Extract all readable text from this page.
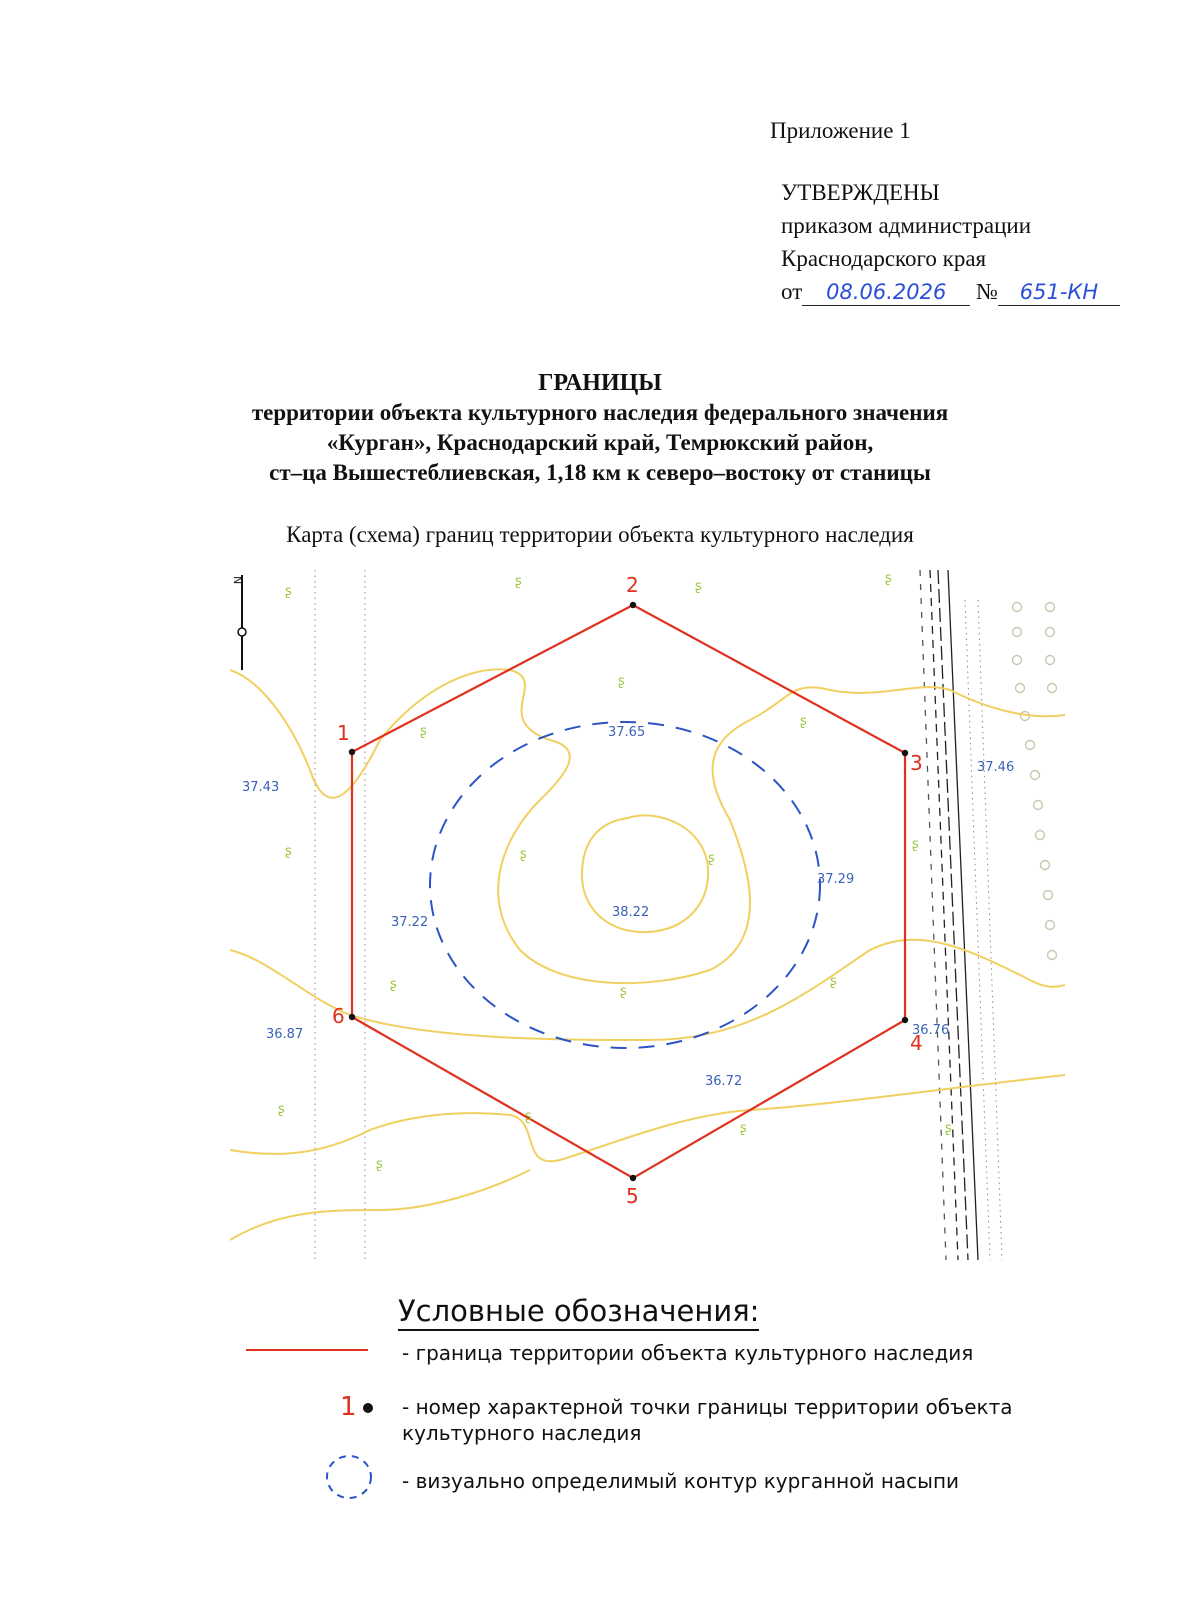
Приложение 1
УТВЕРЖДЕНЫ
приказом администрации
Краснодарского края
от 08.06.2026 № 651-КН
ГРАНИЦЫ
территории объекта культурного наследия федерального значения
«Курган», Краснодарский край, Темрюкский район,
ст–ца Вышестеблиевская, 1,18 км к северо–востоку от станицы
Карта (схема) границ территории объекта культурного наследия
1
2
3
4
5
6
37.65
37.46
37.43
37.29
37.22
38.22
36.87	36.76
36.72
ʂ
ʂ	ʂ
ʂ
ʂ
ʂ
ʂ
ʂ	ʂ
ʂ
ʂ
ʂ	ʂ
ʂ
ʂ	ʂ
ʂ
ʂ
ʂ
N
Условные обозначения:
- граница территории объекта культурного наследия
1	- номер характерной точки границы территории объекта культурного наследия
- визуально определимый контур курганной насыпи
